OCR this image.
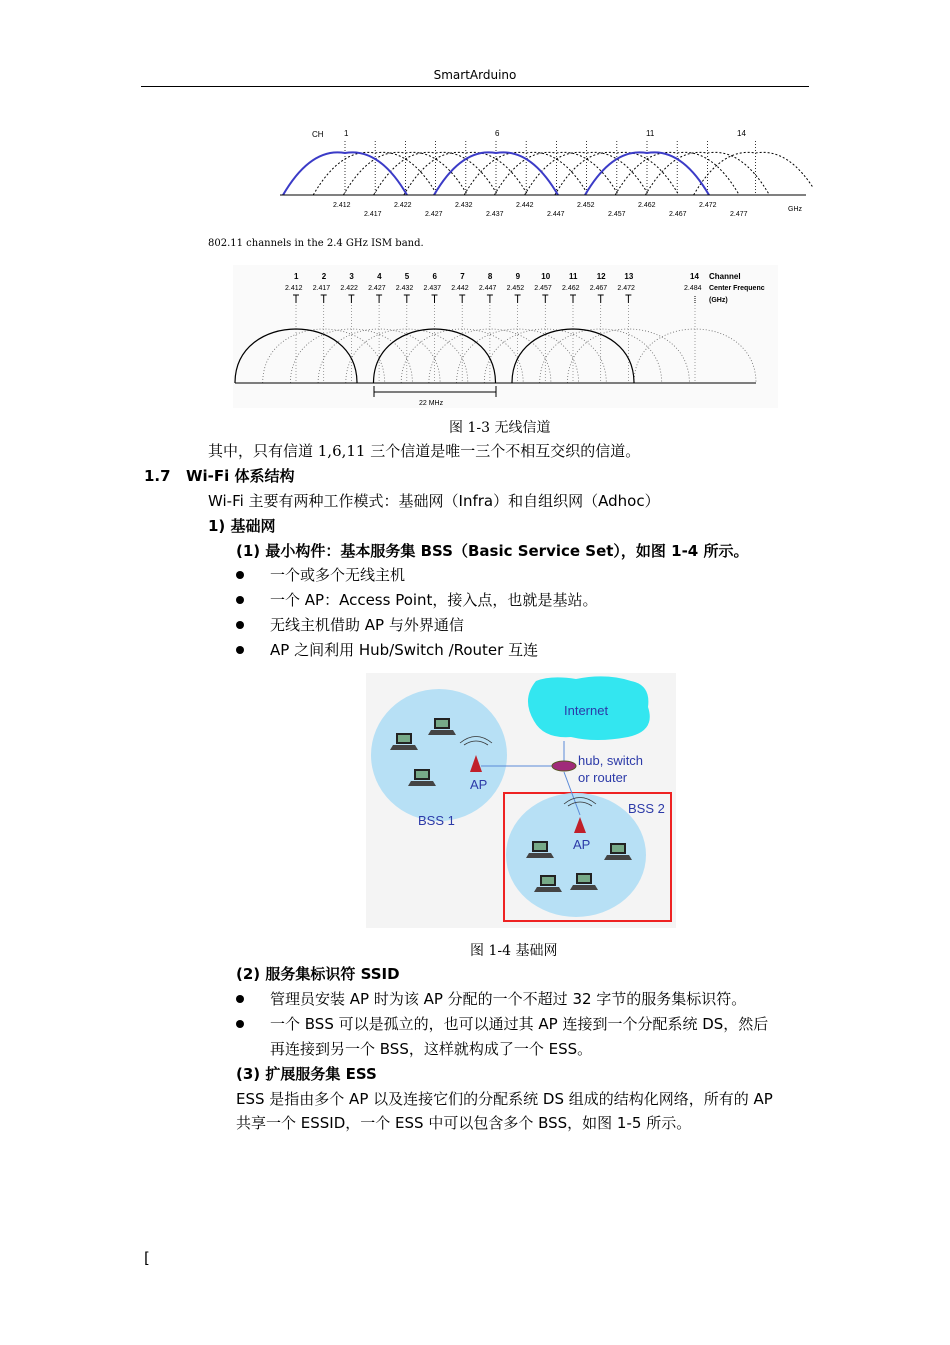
SmartArduino
CH	1	6	11	14
2.412	2.422	2.432	2.442	2.452	2.462	2.472
2.417	2.427	2.437	2.447	2.457	2.467	2.477
GHz
802.11 channels in the 2.4 GHz ISM band.
1	2	3	4	5	6	7	8	9	10 11 12 13
2.412 2.417 2.422 2.427 2.432 2.437 2.442 2.447 2.452 2.457 2.462 2.467 2.472
14
2.484
Channel
Center Frequenc
(GHz)
22 MHz
图 1-3 无线信道
其中，只有信道 1,6,11 三个信道是唯一三个不相互交织的信道。
1.7 Wi-Fi 体系结构
Wi-Fi 主要有两种工作模式：基础网（Infra）和自组织网（Adhoc）
1) 基础网
(1) 最小构件：基本服务集 BSS（Basic Service Set），如图 1-4 所示。
一个或多个无线主机
一个 AP：Access Point，接入点，也就是基站。
无线主机借助 AP 与外界通信
AP 之间利用 Hub/Switch /Router 互连
Internet
hub, switch
or router
AP
BSS 1
AP
BSS 2
图 1-4 基础网
(2) 服务集标识符 SSID
管理员安装 AP 时为该 AP 分配的一个不超过 32 字节的服务集标识符。
一个 BSS 可以是孤立的，也可以通过其 AP 连接到一个分配系统 DS，然后
再连接到另一个 BSS，这样就构成了一个 ESS。
(3) 扩展服务集 ESS
ESS 是指由多个 AP 以及连接它们的分配系统 DS 组成的结构化网络，所有的 AP
共享一个 ESSID，一个 ESS 中可以包含多个 BSS，如图 1-5 所示。
[
